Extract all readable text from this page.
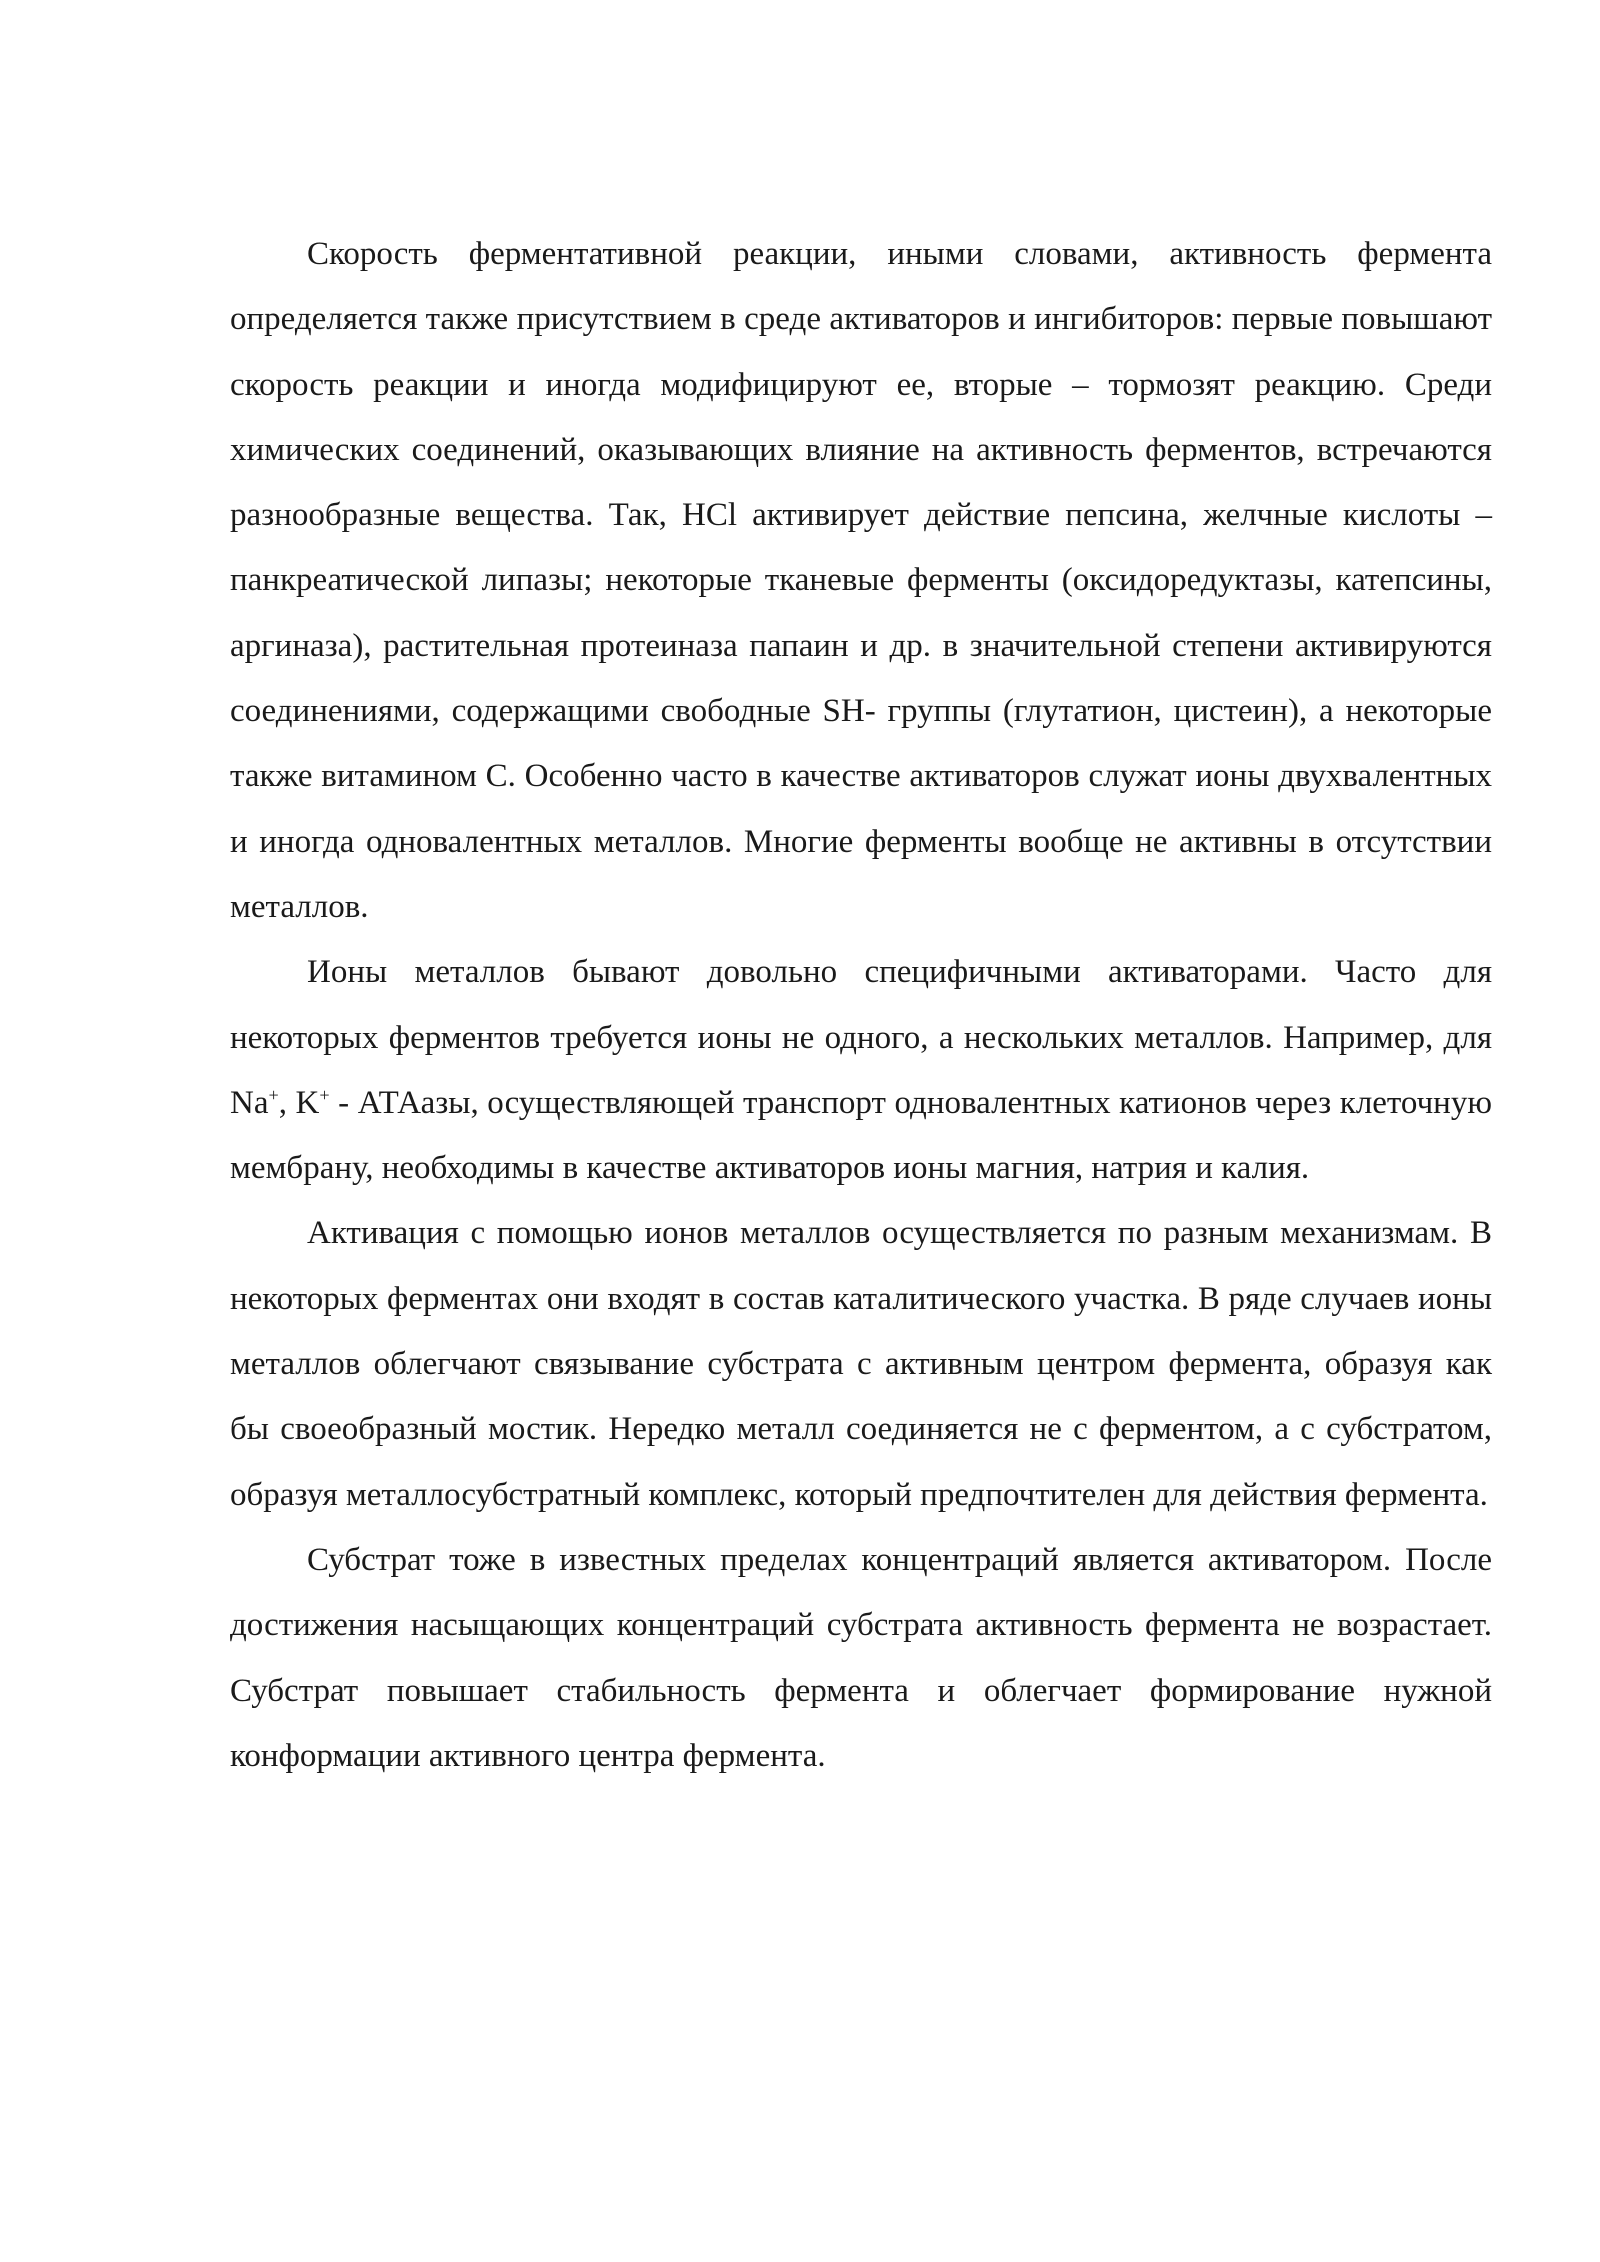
Скорость ферментативной реакции, иными словами, активность фермента определяется также присутствием в среде активаторов и ингибиторов: первые повышают скорость реакции и иногда модифицируют ее, вторые – тормозят реакцию. Среди химических соединений, оказывающих влияние на активность ферментов, встречаются разнообразные вещества. Так, HCl активирует действие пепсина, желчные кислоты – панкреатической липазы; некоторые тканевые ферменты (оксидоредуктазы, катепсины, аргиназа), растительная протеиназа папаин и др. в значительной степени активируются соединениями, содержащими свободные SH- группы (глутатион, цистеин), а некоторые также витамином С. Особенно часто в качестве активаторов служат ионы двухвалентных и иногда одновалентных металлов. Многие ферменты вообще не активны в отсутствии металлов.

Ионы металлов бывают довольно специфичными активаторами. Часто для некоторых ферментов требуется ионы не одного, а нескольких металлов. Например, для Na+, K+ - АТАазы, осуществляющей транспорт одновалентных катионов через клеточную мембрану, необходимы в качестве активаторов ионы магния, натрия и калия.

Активация с помощью ионов металлов осуществляется по разным механизмам. В некоторых ферментах они входят в состав каталитического участка. В ряде случаев ионы металлов облегчают связывание субстрата с активным центром фермента, образуя как бы своеобразный мостик. Нередко металл соединяется не с ферментом, а с субстратом, образуя металлосубстратный комплекс, который предпочтителен для действия фермента.

Субстрат тоже в известных пределах концентраций является активатором. После достижения насыщающих концентраций субстрата активность фермента не возрастает. Субстрат повышает стабильность фермента и облегчает формирование нужной конформации активного центра фермента.
